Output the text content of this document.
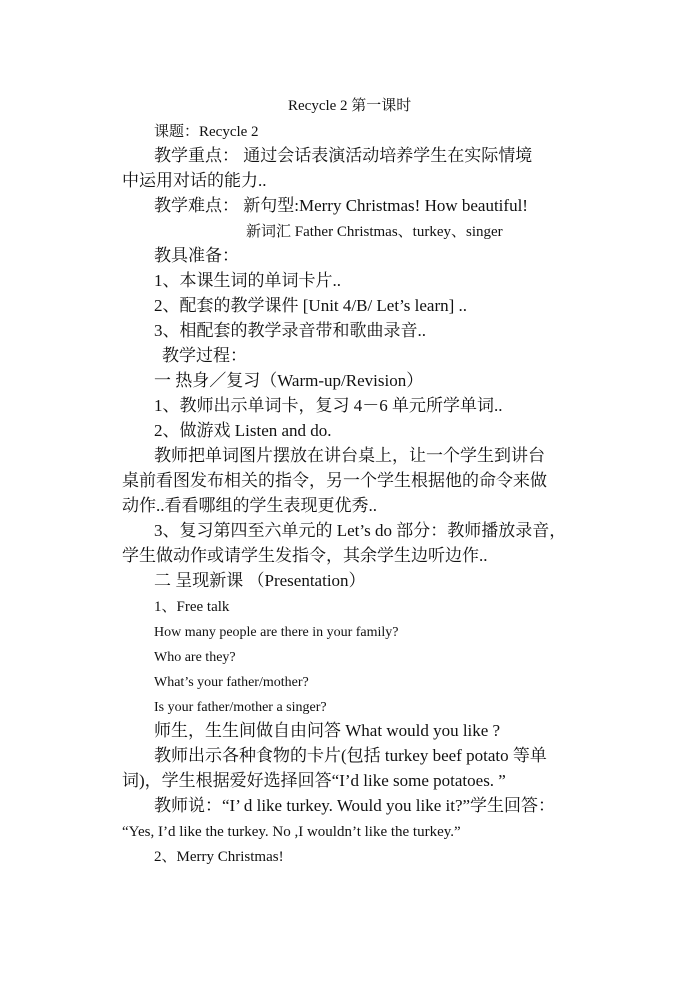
Recycle 2 第一课时
课题：Recycle 2
教学重点： 通过会话表演活动培养学生在实际情境
中运用对话的能力..
教学难点： 新句型:Merry Christmas! How beautiful!
新词汇 Father Christmas、turkey、singer
教具准备：
1、本课生词的单词卡片..
2、配套的教学课件 [Unit 4/B/ Let’s learn] ..
3、相配套的教学录音带和歌曲录音..
教学过程：
一 热身／复习（Warm-up/Revision）
1、教师出示单词卡，复习 4－6 单元所学单词..
2、做游戏 Listen and do.
教师把单词图片摆放在讲台桌上，让一个学生到讲台
桌前看图发布相关的指令，另一个学生根据他的命令来做
动作..看看哪组的学生表现更优秀..
3、复习第四至六单元的 Let’s do 部分：教师播放录音，
学生做动作或请学生发指令，其余学生边听边作..
二 呈现新课 （Presentation）
1、Free talk
How many people are there in your family?
Who are they?
What’s your father/mother?
Is your father/mother a singer?
师生，生生间做自由问答 What would you like ?
教师出示各种食物的卡片(包括 turkey beef potato 等单
词)，学生根据爱好选择回答“I’d like some potatoes. ”
教师说：“I’ d like turkey. Would you like it?”学生回答：
“Yes, I’d like the turkey. No ,I wouldn’t like the turkey.”
2、Merry Christmas!
